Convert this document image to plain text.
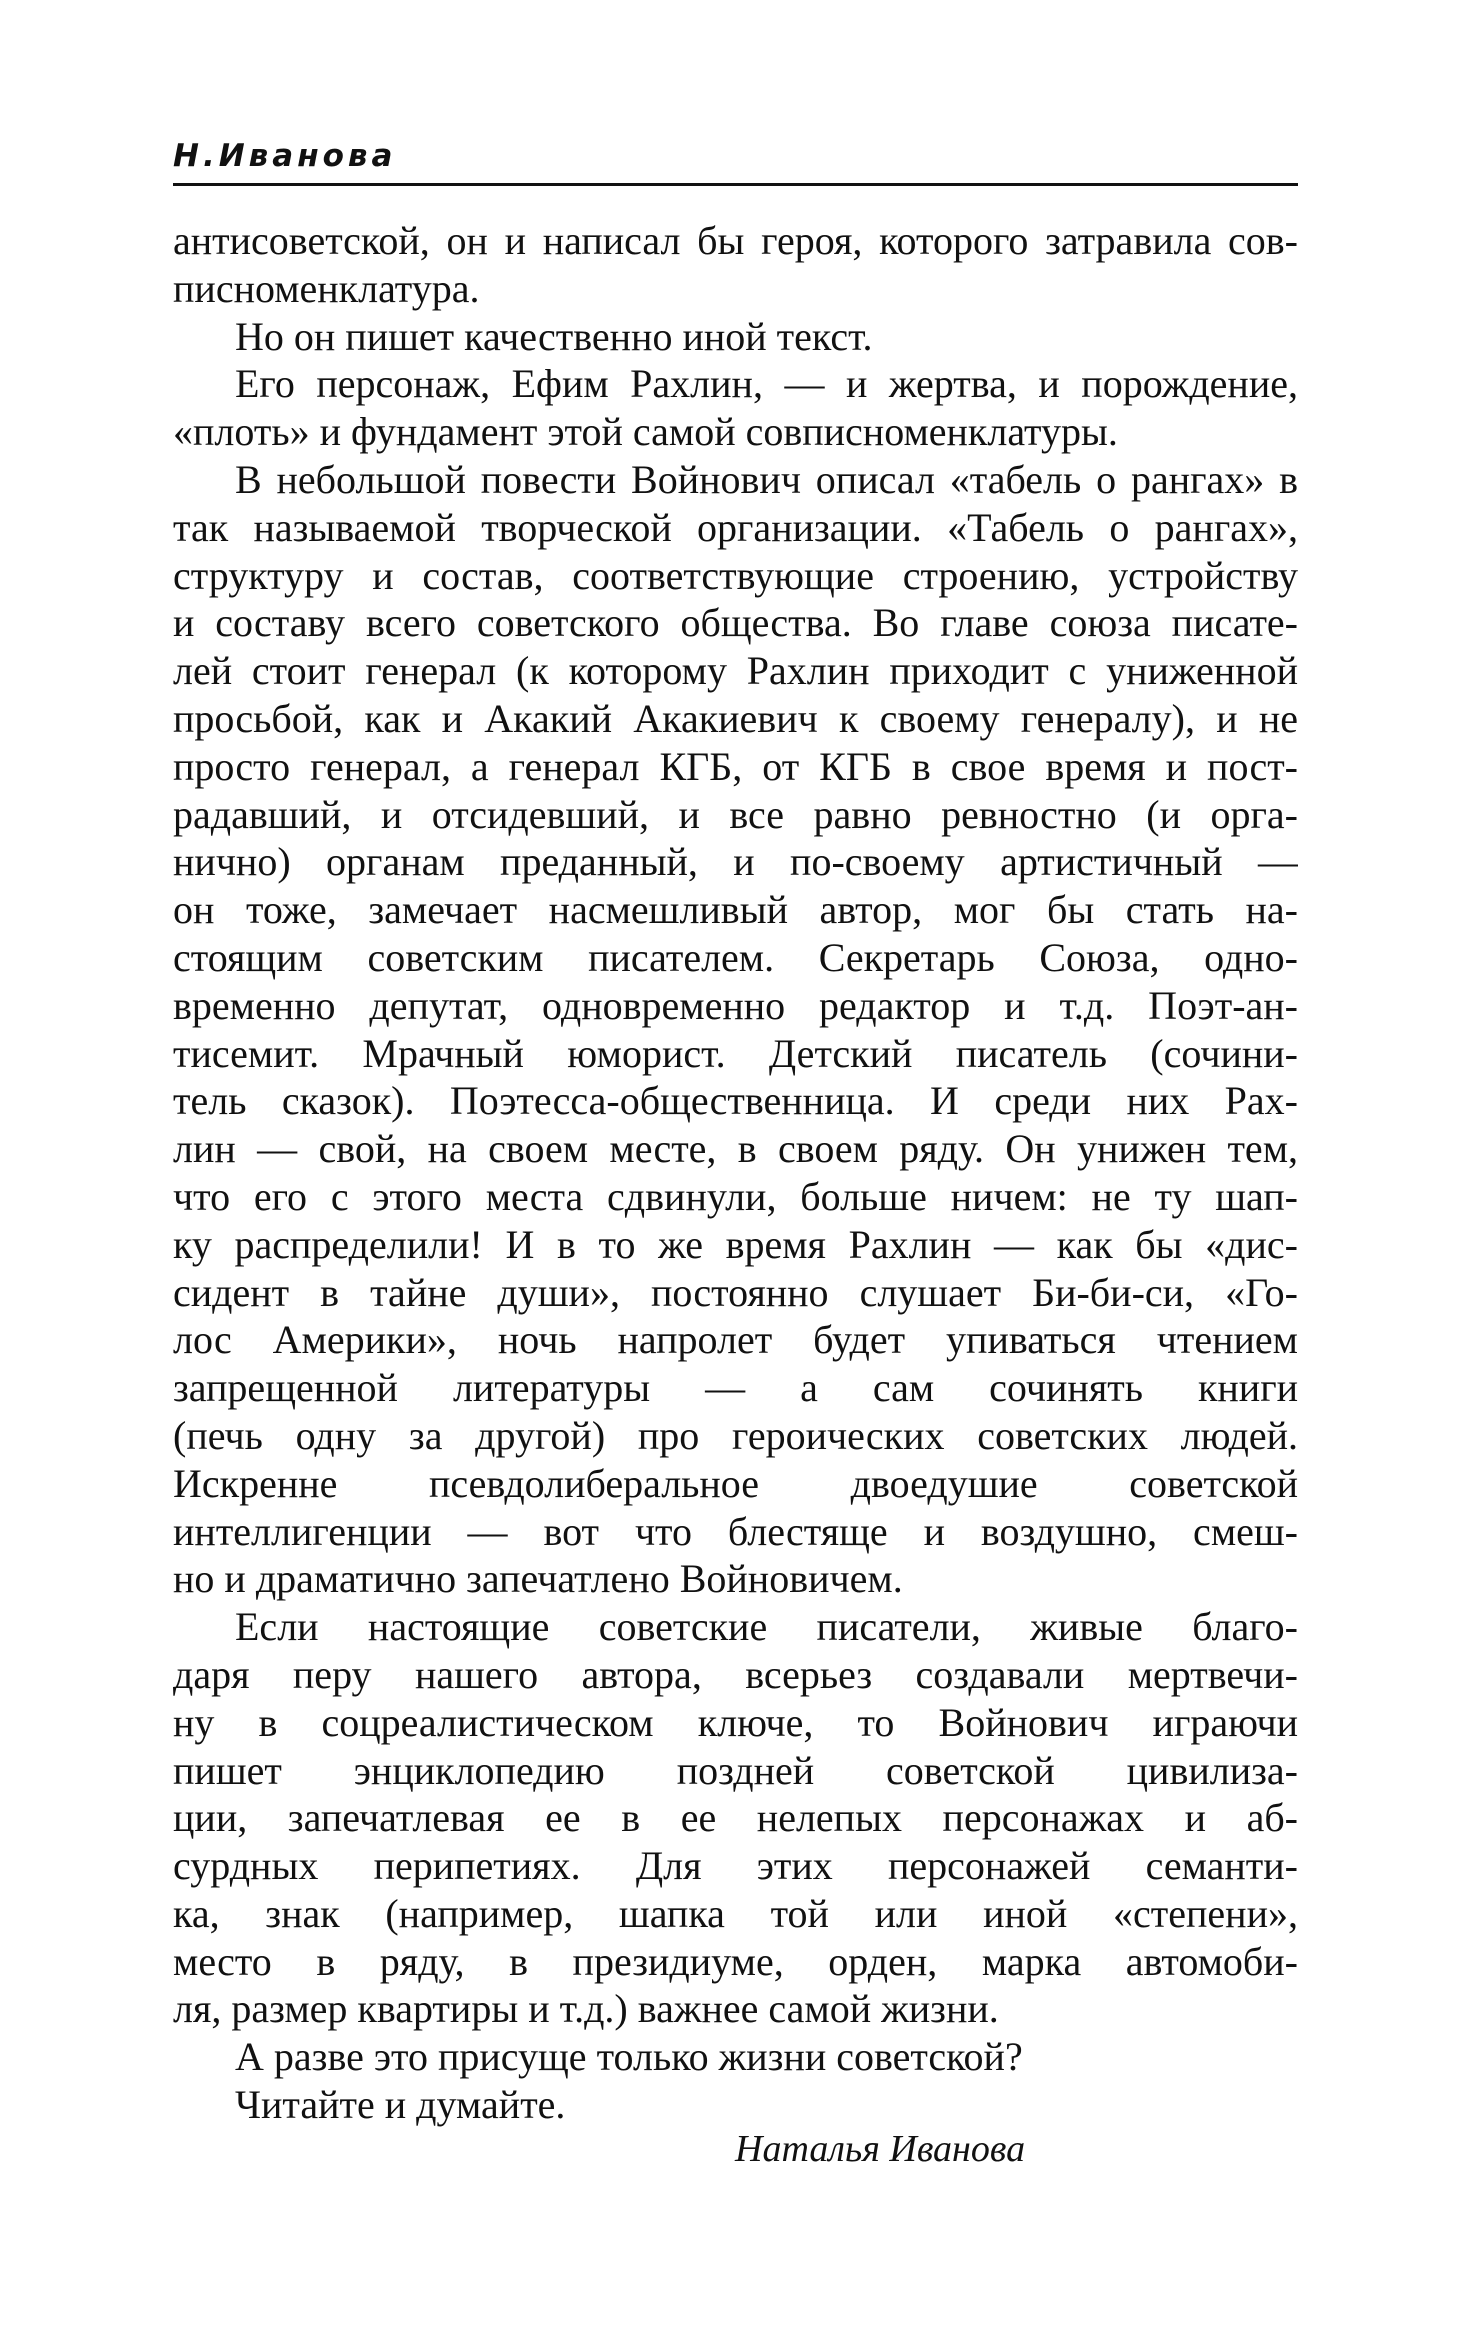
Н.Иванова
антисоветской, он и написал бы героя, которого затравила сов-
писноменклатура.
Но он пишет качественно иной текст.
Его персонаж, Ефим Рахлин, — и жертва, и порождение,
«плоть» и фундамент этой самой совписноменклатуры.
В небольшой повести Войнович описал «табель о рангах» в
так называемой творческой организации. «Табель о рангах»,
структуру и состав, соответствующие строению, устройству
и составу всего советского общества. Во главе союза писате-
лей стоит генерал (к которому Рахлин приходит с униженной
просьбой, как и Акакий Акакиевич к своему генералу), и не
просто генерал, а генерал КГБ, от КГБ в свое время и пост-
радавший, и отсидевший, и все равно ревностно (и орга-
нично) органам преданный, и по-своему артистичный —
он тоже, замечает насмешливый автор, мог бы стать на-
стоящим советским писателем. Секретарь Союза, одно-
временно депутат, одновременно редактор и т.д. Поэт-ан-
тисемит. Мрачный юморист. Детский писатель (сочини-
тель сказок). Поэтесса-общественница. И среди них Рах-
лин — свой, на своем месте, в своем ряду. Он унижен тем,
что его с этого места сдвинули, больше ничем: не ту шап-
ку распределили! И в то же время Рахлин — как бы «дис-
сидент в тайне души», постоянно слушает Би-би-си, «Го-
лос Америки», ночь напролет будет упиваться чтением
запрещенной литературы — а сам сочинять книги
(печь одну за другой) про героических советских людей.
Искренне псевдолиберальное двоедушие советской
интеллигенции — вот что блестяще и воздушно, смеш-
но и драматично запечатлено Войновичем.
Если настоящие советские писатели, живые благо-
даря перу нашего автора, всерьез создавали мертвечи-
ну в соцреалистическом ключе, то Войнович играючи
пишет энциклопедию поздней советской цивилиза-
ции, запечатлевая ее в ее нелепых персонажах и аб-
сурдных перипетиях. Для этих персонажей семанти-
ка, знак (например, шапка той или иной «степени»,
место в ряду, в президиуме, орден, марка автомоби-
ля, размер квартиры и т.д.) важнее самой жизни.
А разве это присуще только жизни советской?
Читайте и думайте.
Наталья Иванова
